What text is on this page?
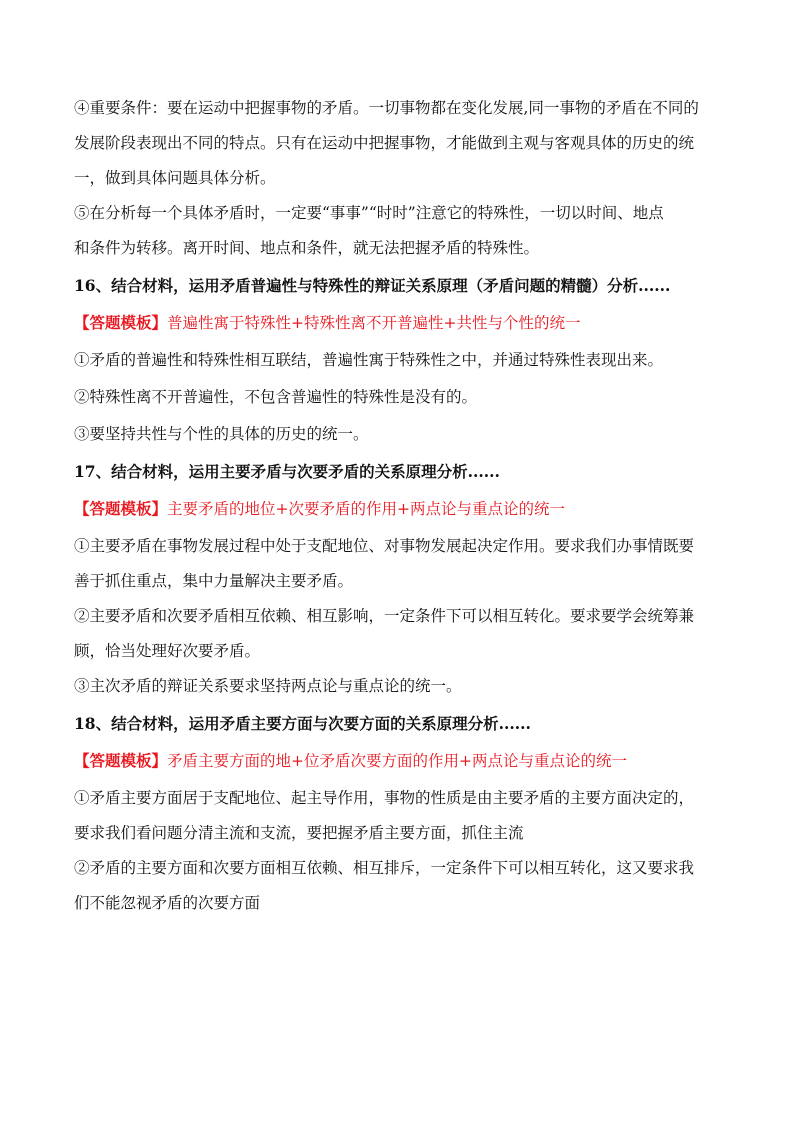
④重要条件：要在运动中把握事物的矛盾。一切事物都在变化发展,同一事物的矛盾在不同的

发展阶段表现出不同的特点。只有在运动中把握事物，才能做到主观与客观具体的历史的统

一，做到具体问题具体分析。

⑤在分析每一个具体矛盾时，一定要“事事”“时时”注意它的特殊性，一切以时间、地点

和条件为转移。离开时间、地点和条件，就无法把握矛盾的特殊性。

16、结合材料，运用矛盾普遍性与特殊性的辩证关系原理（矛盾问题的精髓）分析......

【答题模板】普遍性寓于特殊性+特殊性离不开普遍性+共性与个性的统一

①矛盾的普遍性和特殊性相互联结，普遍性寓于特殊性之中，并通过特殊性表现出来。

②特殊性离不开普遍性，不包含普遍性的特殊性是没有的。

③要坚持共性与个性的具体的历史的统一。

17、结合材料，运用主要矛盾与次要矛盾的关系原理分析......

【答题模板】主要矛盾的地位+次要矛盾的作用+两点论与重点论的统一

①主要矛盾在事物发展过程中处于支配地位、对事物发展起决定作用。要求我们办事情既要

善于抓住重点，集中力量解决主要矛盾。

②主要矛盾和次要矛盾相互依赖、相互影响，一定条件下可以相互转化。要求要学会统筹兼

顾，恰当处理好次要矛盾。

③主次矛盾的辩证关系要求坚持两点论与重点论的统一。

18、结合材料，运用矛盾主要方面与次要方面的关系原理分析......

【答题模板】矛盾主要方面的地+位矛盾次要方面的作用+两点论与重点论的统一

①矛盾主要方面居于支配地位、起主导作用，事物的性质是由主要矛盾的主要方面决定的，

要求我们看问题分清主流和支流，要把握矛盾主要方面，抓住主流

②矛盾的主要方面和次要方面相互依赖、相互排斥，一定条件下可以相互转化，这又要求我

们不能忽视矛盾的次要方面
